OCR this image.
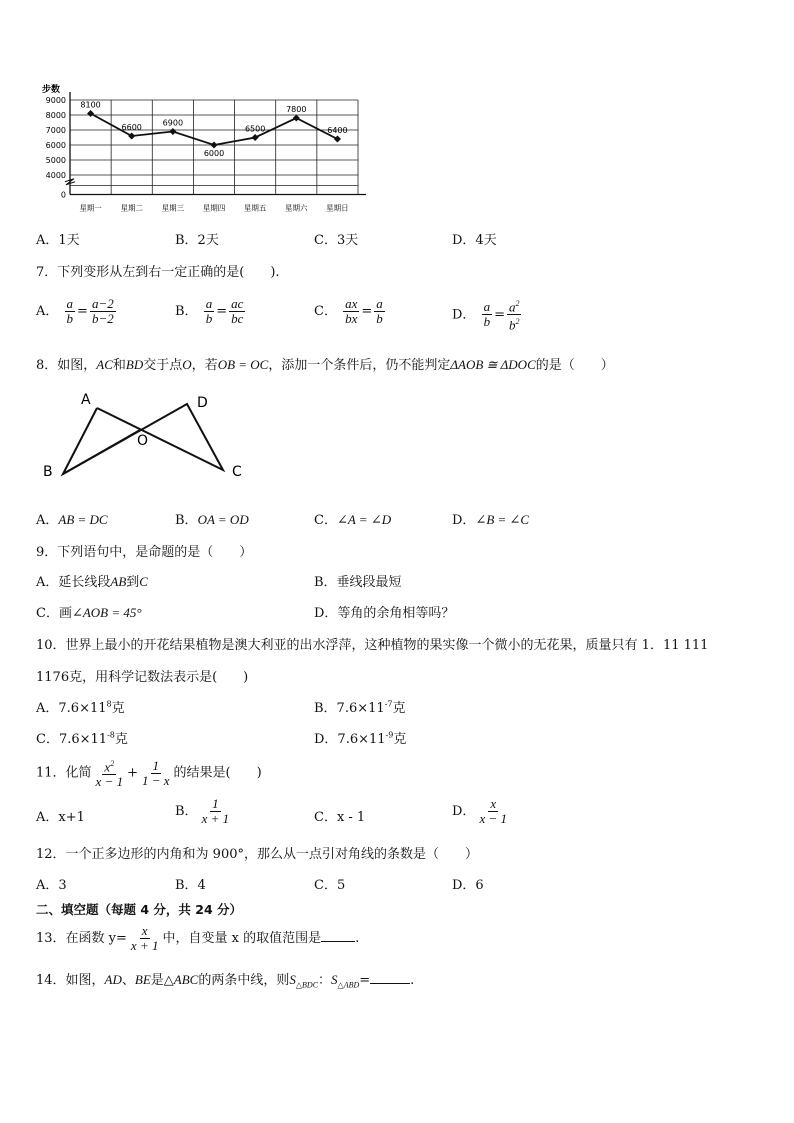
步数
9000
8000
7000
6000
5000
4000
0
星期一 星期二 星期三 星期四 星期五 星期六 星期日
8100
6600	6900
6000
6500
7800
6400
A．1天	B．2天	C．3天	D．4天
7．下列变形从左到右一定正确的是(　　).
A． $\frac{a}{b} = \frac{a-2}{b-2}$	B． $\frac{a}{b} = \frac{ac}{bc}$	C． $\frac{ax}{bx} = \frac{a}{b}$	D． $\frac{a}{b} = \frac{a^2}{b^2}$
8．如图，AC和BD交于点O，若OB = OC，添加一个条件后，仍不能判定ΔAOB ≅ ΔDOC的是（　　）
A
B
O
D
C
A．AB = DC	B．OA = OD	C．∠A = ∠D	D．∠B = ∠C
9．下列语句中，是命题的是（　　）
A．延长线段AB到C	B．垂线段最短
C．画∠AOB = 45°	D．等角的余角相等吗？
10．世界上最小的开花结果植物是澳大利亚的出水浮萍，这种植物的果实像一个微小的无花果，质量只有 1．11 111
1176克，用科学记数法表示是(　　)
A．$7.6\times 11^8$克	B．$7.6\times 11^{-7}$克
C．$7.6\times 11^{-8}$克	D．$7.6\times 11^{-9}$克
11．化简 $\frac{x^2}{x - 1} + \frac{1}{1 - x}$ 的结果是(　　)
A．x+1	B． $\frac{1}{x + 1}$	C．x - 1	D． $\frac{x}{x - 1}$
12．一个正多边形的内角和为 900°，那么从一点引对角线的条数是（　　）
A．3	B．4	C．5	D．6
二、填空题（每题 4 分，共 24 分）
13．在函数 $y= \frac{x}{x + 1}$ 中，自变量 x 的取值范围是	.
14．如图，AD、BE是△ABC的两条中线，则$S_{\triangle BDC}$：$S_{\triangle ABD}=$	.
